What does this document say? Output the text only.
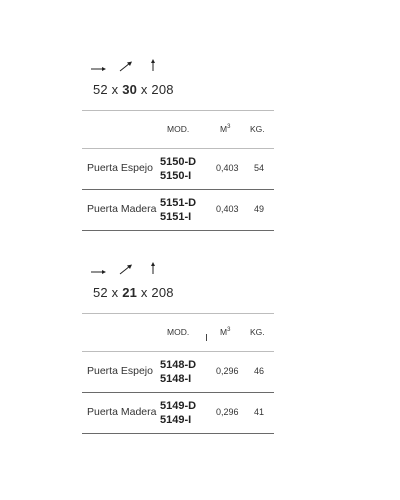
52 x 30 x 208
MOD.	$M^3$ KG.
Puerta Espejo 5150-D
5150-I
0,403 54
Puerta Madera 5151-D
5151-I
0,403 49
52 x 21 x 208
MOD.	$M^3$ KG.
Puerta Espejo 5148-D
5148-I
0,296 46
Puerta Madera 5149-D
5149-I
0,296 41
